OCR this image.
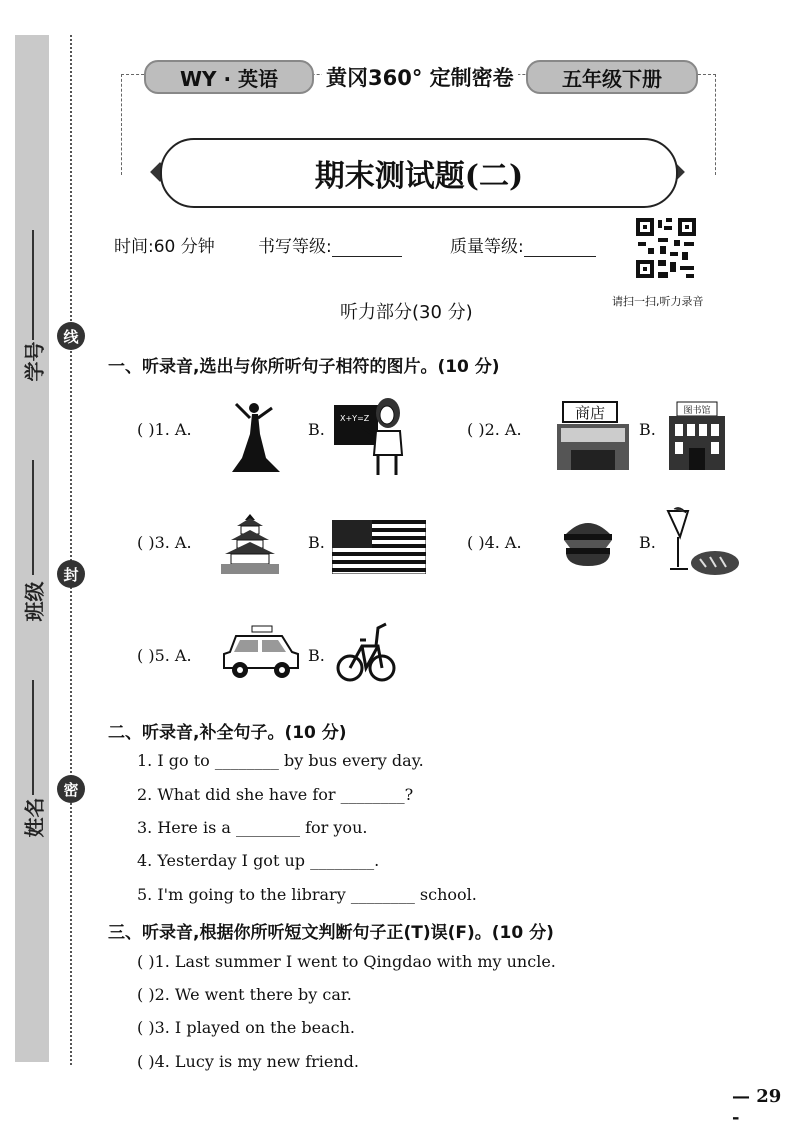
学号
班级
姓名
线
封
密
WY · 英语	黄冈360° 定制密卷	五年级下册
期末测试题(二)
时间:60 分钟	书写等级:	质量等级:
请扫一扫,听力录音
听力部分(30 分)
一、听录音,选出与你所听句子相符的图片。(10 分)
( )1. A.	B.
X+Y=Z
( )2. A.
商店
B.
图书馆
( )3. A.	B.	( )4. A.	B.
( )5. A.	B.
二、听录音,补全句子。(10 分)
1. I go to ________ by bus every day.
2. What did she have for ________?
3. Here is a ________ for you.
4. Yesterday I got up ________.
5. I'm going to the library ________ school.
三、听录音,根据你所听短文判断句子正(T)误(F)。(10 分)
( )1. Last summer I went to Qingdao with my uncle.
( )2. We went there by car.
( )3. I played on the beach.
( )4. Lucy is my new friend.
— 29 -
